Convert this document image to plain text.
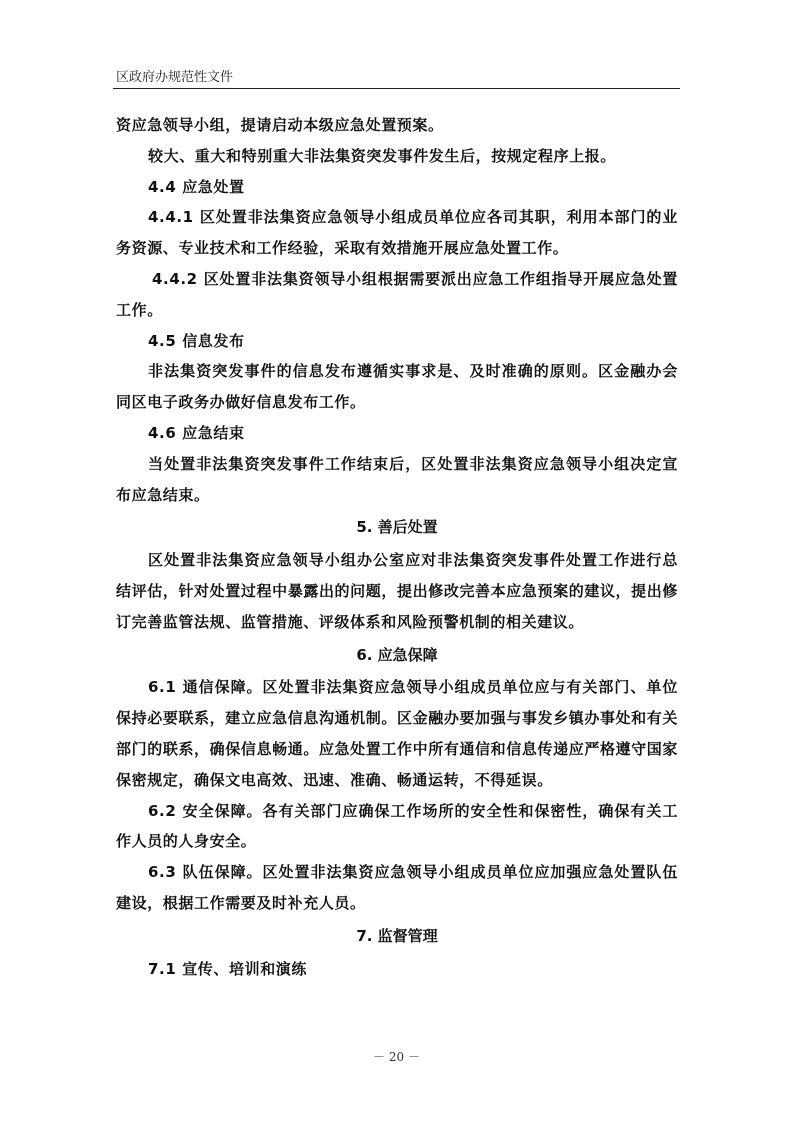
区政府办规范性文件

资应急领导小组，提请启动本级应急处置预案。

较大、重大和特别重大非法集资突发事件发生后，按规定程序上报。

4.4 应急处置

4.4.1 区处置非法集资应急领导小组成员单位应各司其职，利用本部门的业务资源、专业技术和工作经验，采取有效措施开展应急处置工作。

4.4.2 区处置非法集资领导小组根据需要派出应急工作组指导开展应急处置工作。

4.5 信息发布

非法集资突发事件的信息发布遵循实事求是、及时准确的原则。区金融办会同区电子政务办做好信息发布工作。

4.6 应急结束

当处置非法集资突发事件工作结束后，区处置非法集资应急领导小组决定宣布应急结束。

5. 善后处置

区处置非法集资应急领导小组办公室应对非法集资突发事件处置工作进行总结评估，针对处置过程中暴露出的问题，提出修改完善本应急预案的建议，提出修订完善监管法规、监管措施、评级体系和风险预警机制的相关建议。

6. 应急保障

6.1 通信保障。区处置非法集资应急领导小组成员单位应与有关部门、单位保持必要联系，建立应急信息沟通机制。区金融办要加强与事发乡镇办事处和有关部门的联系，确保信息畅通。应急处置工作中所有通信和信息传递应严格遵守国家保密规定，确保文电高效、迅速、准确、畅通运转，不得延误。

6.2 安全保障。各有关部门应确保工作场所的安全性和保密性，确保有关工作人员的人身安全。

6.3 队伍保障。区处置非法集资应急领导小组成员单位应加强应急处置队伍建设，根据工作需要及时补充人员。

7. 监督管理

7.1 宣传、培训和演练

－ 20 －
